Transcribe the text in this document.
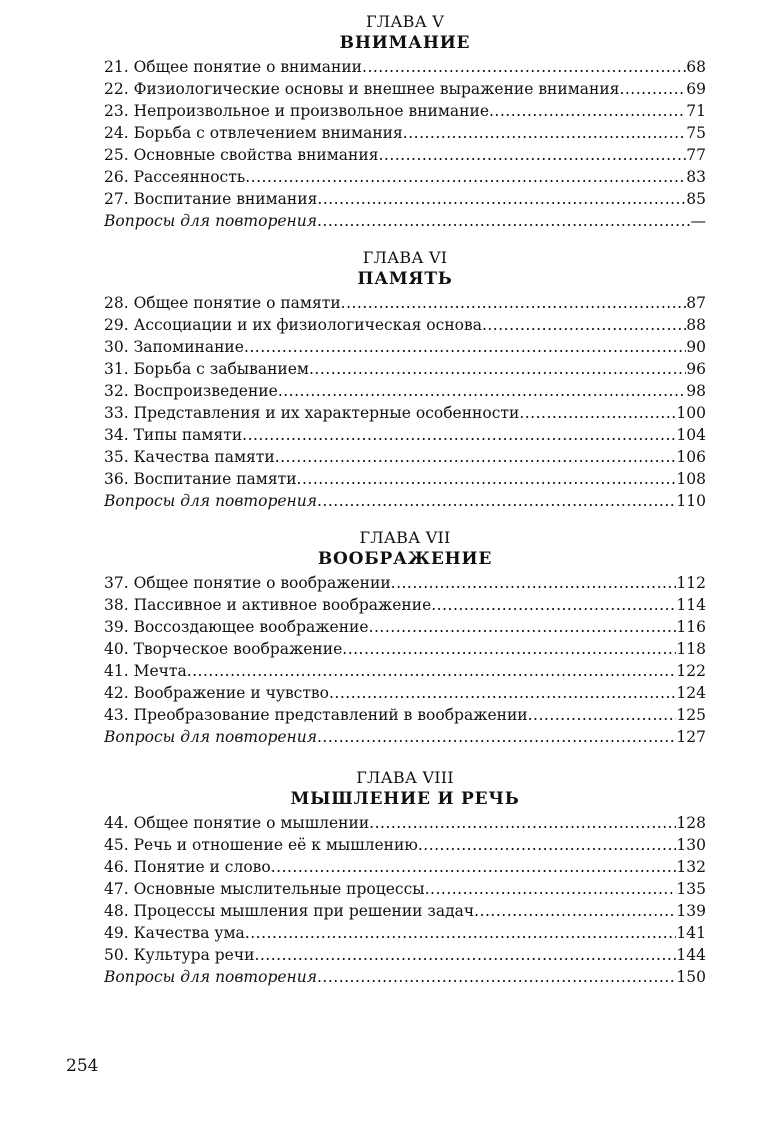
ГЛАВА V
ВНИМАНИЕ
21. Общее понятие о внимании .....	68
22. Физиологические основы и внешнее выражение внимания .....	69
23. Непроизвольное и произвольное внимание .....	71
24. Борьба с отвлечением внимания .....	75
25. Основные свойства внимания .....	77
26. Рассеянность .....	83
27. Воспитание внимания .....	85
Вопросы для повторения .....	—
ГЛАВА VI
ПАМЯТЬ
28. Общее понятие о памяти .....	87
29. Ассоциации и их физиологическая основа .....	88
30. Запоминание .....	90
31. Борьба с забыванием .....	96
32. Воспроизведение .....	98
33. Представления и их характерные особенности .....	100
34. Типы памяти .....	104
35. Качества памяти .....	106
36. Воспитание памяти .....	108
Вопросы для повторения .....	110
ГЛАВА VII
ВООБРАЖЕНИЕ
37. Общее понятие о воображении .....	112
38. Пассивное и активное воображение .....	114
39. Воссоздающее воображение .....	116
40. Творческое воображение .....	118
41. Мечта .....	122
42. Воображение и чувство .....	124
43. Преобразование представлений в воображении .....	125
Вопросы для повторения .....	127
ГЛАВА VIII
МЫШЛЕНИЕ И РЕЧЬ
44. Общее понятие о мышлении .....	128
45. Речь и отношение её к мышлению .....	130
46. Понятие и слово .....	132
47. Основные мыслительные процессы .....	135
48. Процессы мышления при решении задач .....	139
49. Качества ума .....	141
50. Культура речи .....	144
Вопросы для повторения .....	150
254
